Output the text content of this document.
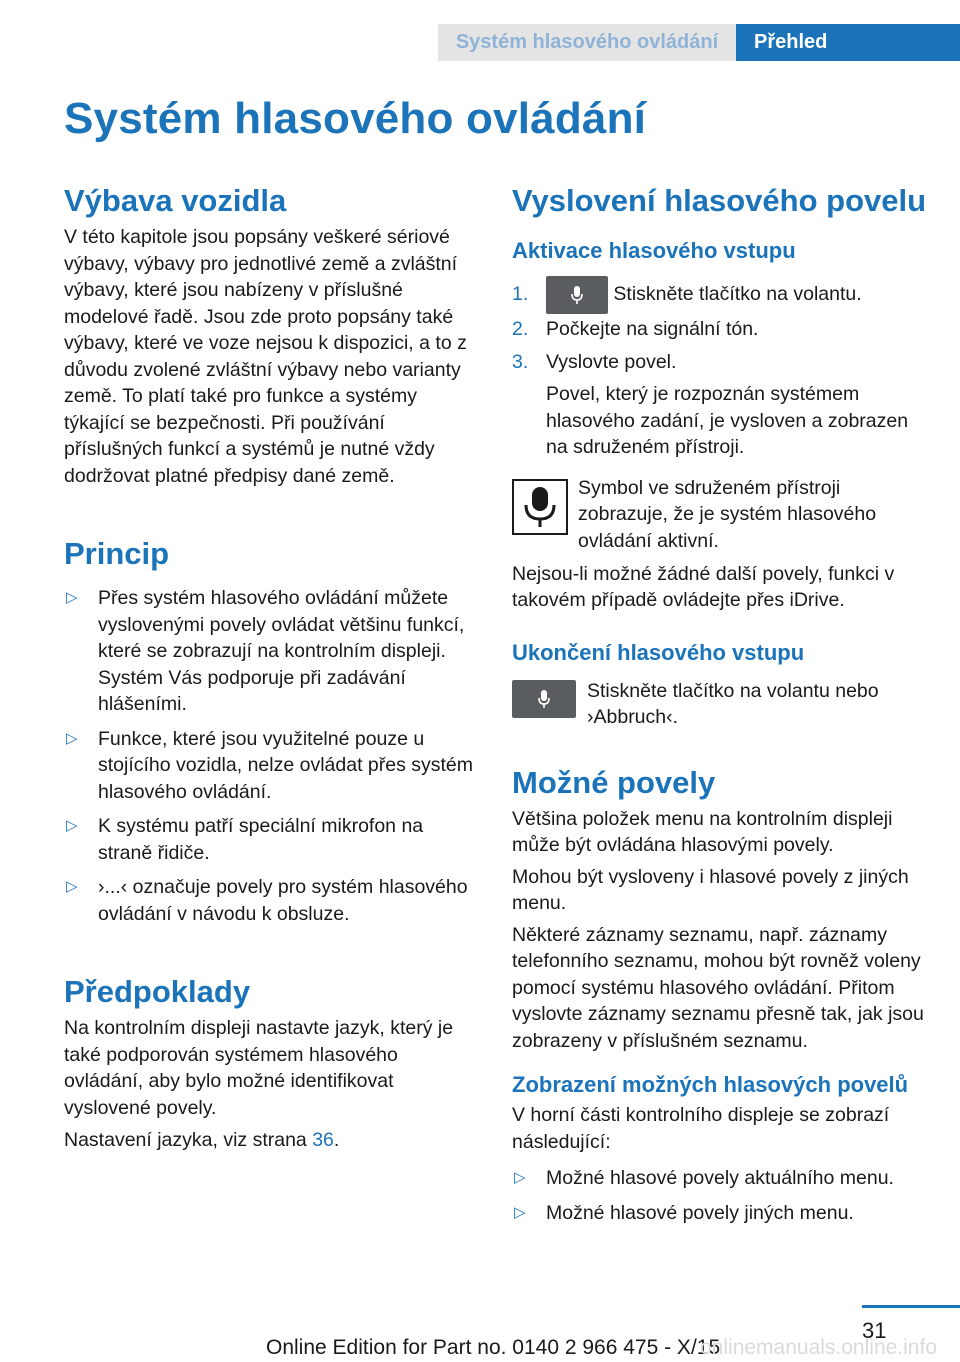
Systém hlasového ovládání	Přehled
Systém hlasového ovládání
Výbava vozidla

V této kapitole jsou popsány veškeré sériové výbavy, výbavy pro jednotlivé země a zvláštní výbavy, které jsou nabízeny v příslušné modelové řadě. Jsou zde proto popsány také výbavy, které ve voze nejsou k dispozici, a to z důvodu zvolené zvláštní výbavy nebo varianty země. To platí také pro funkce a systémy týkající se bezpečnosti. Při používání příslušných funkcí a systémů je nutné vždy dodržovat platné předpisy dané země.

Princip
▷ Přes systém hlasového ovládání můžete vyslovenými povely ovládat většinu funkcí, které se zobrazují na kontrolním displeji. Systém Vás podporuje při zadávání hlášeními.
▷ Funkce, které jsou využitelné pouze u stojícího vozidla, nelze ovládat přes systém hlasového ovládání.
▷ K systému patří speciální mikrofon na straně řidiče.
▷ ›...‹ označuje povely pro systém hlasového ovládání v návodu k obsluze.
Předpoklady

Na kontrolním displeji nastavte jazyk, který je také podporován systémem hlasového ovládání, aby bylo možné identifikovat vyslovené povely.

Nastavení jazyka, viz strana 36.

Vyslovení hlasového povelu
Aktivace hlasového vstupu
1.	Stiskněte tlačítko na volantu.
2. Počkejte na signální tón.
3. Vyslovte povel.
Povel, který je rozpoznán systémem hlasového zadání, je vysloven a zobrazen na sdruženém přístroji.

Symbol ve sdruženém přístroji zobrazuje, že je systém hlasového ovládání aktivní.

Nejsou-li možné žádné další povely, funkci v takovém případě ovládejte přes iDrive.

Ukončení hlasového vstupu

Stiskněte tlačítko na volantu nebo ›Abbruch‹.

Možné povely

Většina položek menu na kontrolním displeji může být ovládána hlasovými povely.

Mohou být vysloveny i hlasové povely z jiných menu.

Některé záznamy seznamu, např. záznamy telefonního seznamu, mohou být rovněž voleny pomocí systému hlasového ovládání. Přitom vyslovte záznamy seznamu přesně tak, jak jsou zobrazeny v příslušném seznamu.

Zobrazení možných hlasových povelů

V horní části kontrolního displeje se zobrazí následující:

▷ Možné hlasové povely aktuálního menu.
▷ Možné hlasové povely jiných menu.
31
Online Edition for Part no. 0140 2 966 475 - X/15
onlinemanuals.online.info
